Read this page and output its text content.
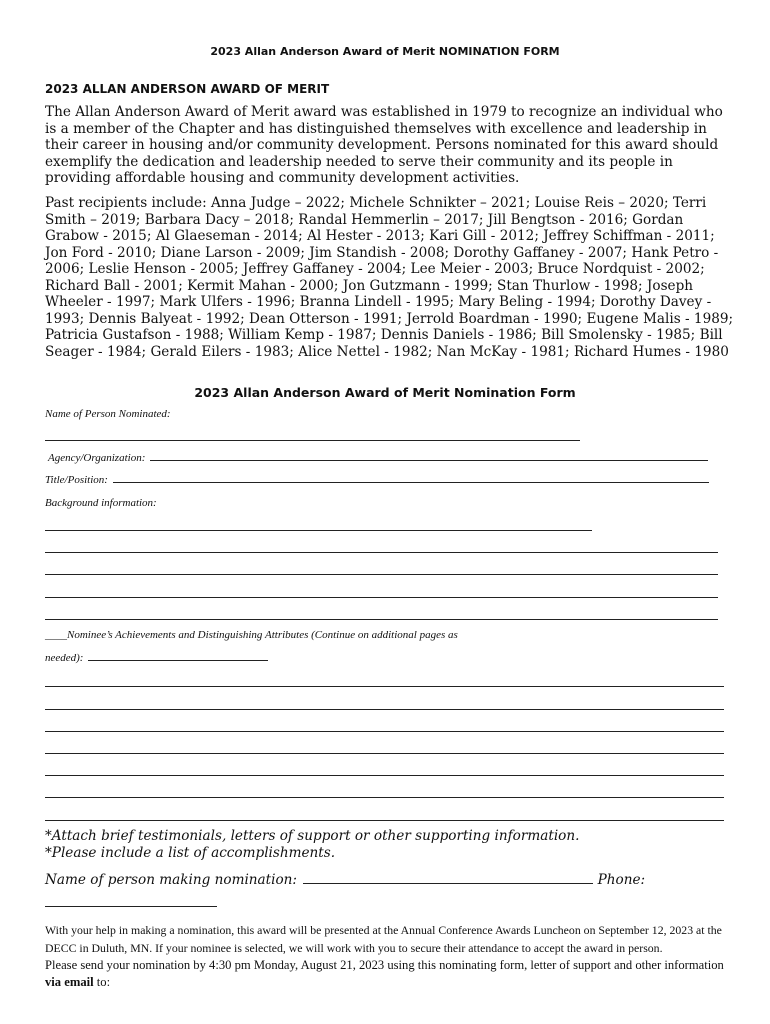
2023 Allan Anderson Award of Merit NOMINATION FORM
2023 ALLAN ANDERSON AWARD OF MERIT

The Allan Anderson Award of Merit award was established in 1979 to recognize an individual who is a member of the Chapter and has distinguished themselves with excellence and leadership in their career in housing and/or community development. Persons nominated for this award should exemplify the dedication and leadership needed to serve their community and its people in providing affordable housing and community development activities.

Past recipients include: Anna Judge – 2022; Michele Schnikter – 2021; Louise Reis – 2020; Terri Smith – 2019; Barbara Dacy – 2018; Randal Hemmerlin – 2017; Jill Bengtson - 2016; Gordan Grabow - 2015; Al Glaeseman - 2014; Al Hester - 2013; Kari Gill - 2012; Jeffrey Schiffman - 2011; Jon Ford - 2010; Diane Larson - 2009; Jim Standish - 2008; Dorothy Gaffaney - 2007; Hank Petro - 2006; Leslie Henson - 2005; Jeffrey Gaffaney - 2004; Lee Meier - 2003; Bruce Nordquist - 2002; Richard Ball - 2001; Kermit Mahan - 2000; Jon Gutzmann - 1999; Stan Thurlow - 1998; Joseph Wheeler - 1997; Mark Ulfers - 1996; Branna Lindell - 1995; Mary Beling - 1994; Dorothy Davey - 1993; Dennis Balyeat - 1992; Dean Otterson - 1991; Jerrold Boardman - 1990; Eugene Malis - 1989; Patricia Gustafson - 1988; William Kemp - 1987; Dennis Daniels - 1986; Bill Smolensky - 1985; Bill Seager - 1984; Gerald Eilers - 1983; Alice Nettel - 1982; Nan McKay - 1981; Richard Humes - 1980

2023 Allan Anderson Award of Merit Nomination Form
Name of Person Nominated:
Agency/Organization:
Title/Position:
Background information:
____Nominee’s Achievements and Distinguishing Attributes (Continue on additional pages as
needed):
*Attach brief testimonials, letters of support or other supporting information.
*Please include a list of accomplishments.
Name of person making nomination:	Phone:

With your help in making a nomination, this award will be presented at the Annual Conference Awards Luncheon on September 12, 2023 at the DECC in Duluth, MN. If your nominee is selected, we will work with you to secure their attendance to accept the award in person.

Please send your nomination by 4:30 pm Monday, August 21, 2023 using this nominating form, letter of support and other information via email to:
